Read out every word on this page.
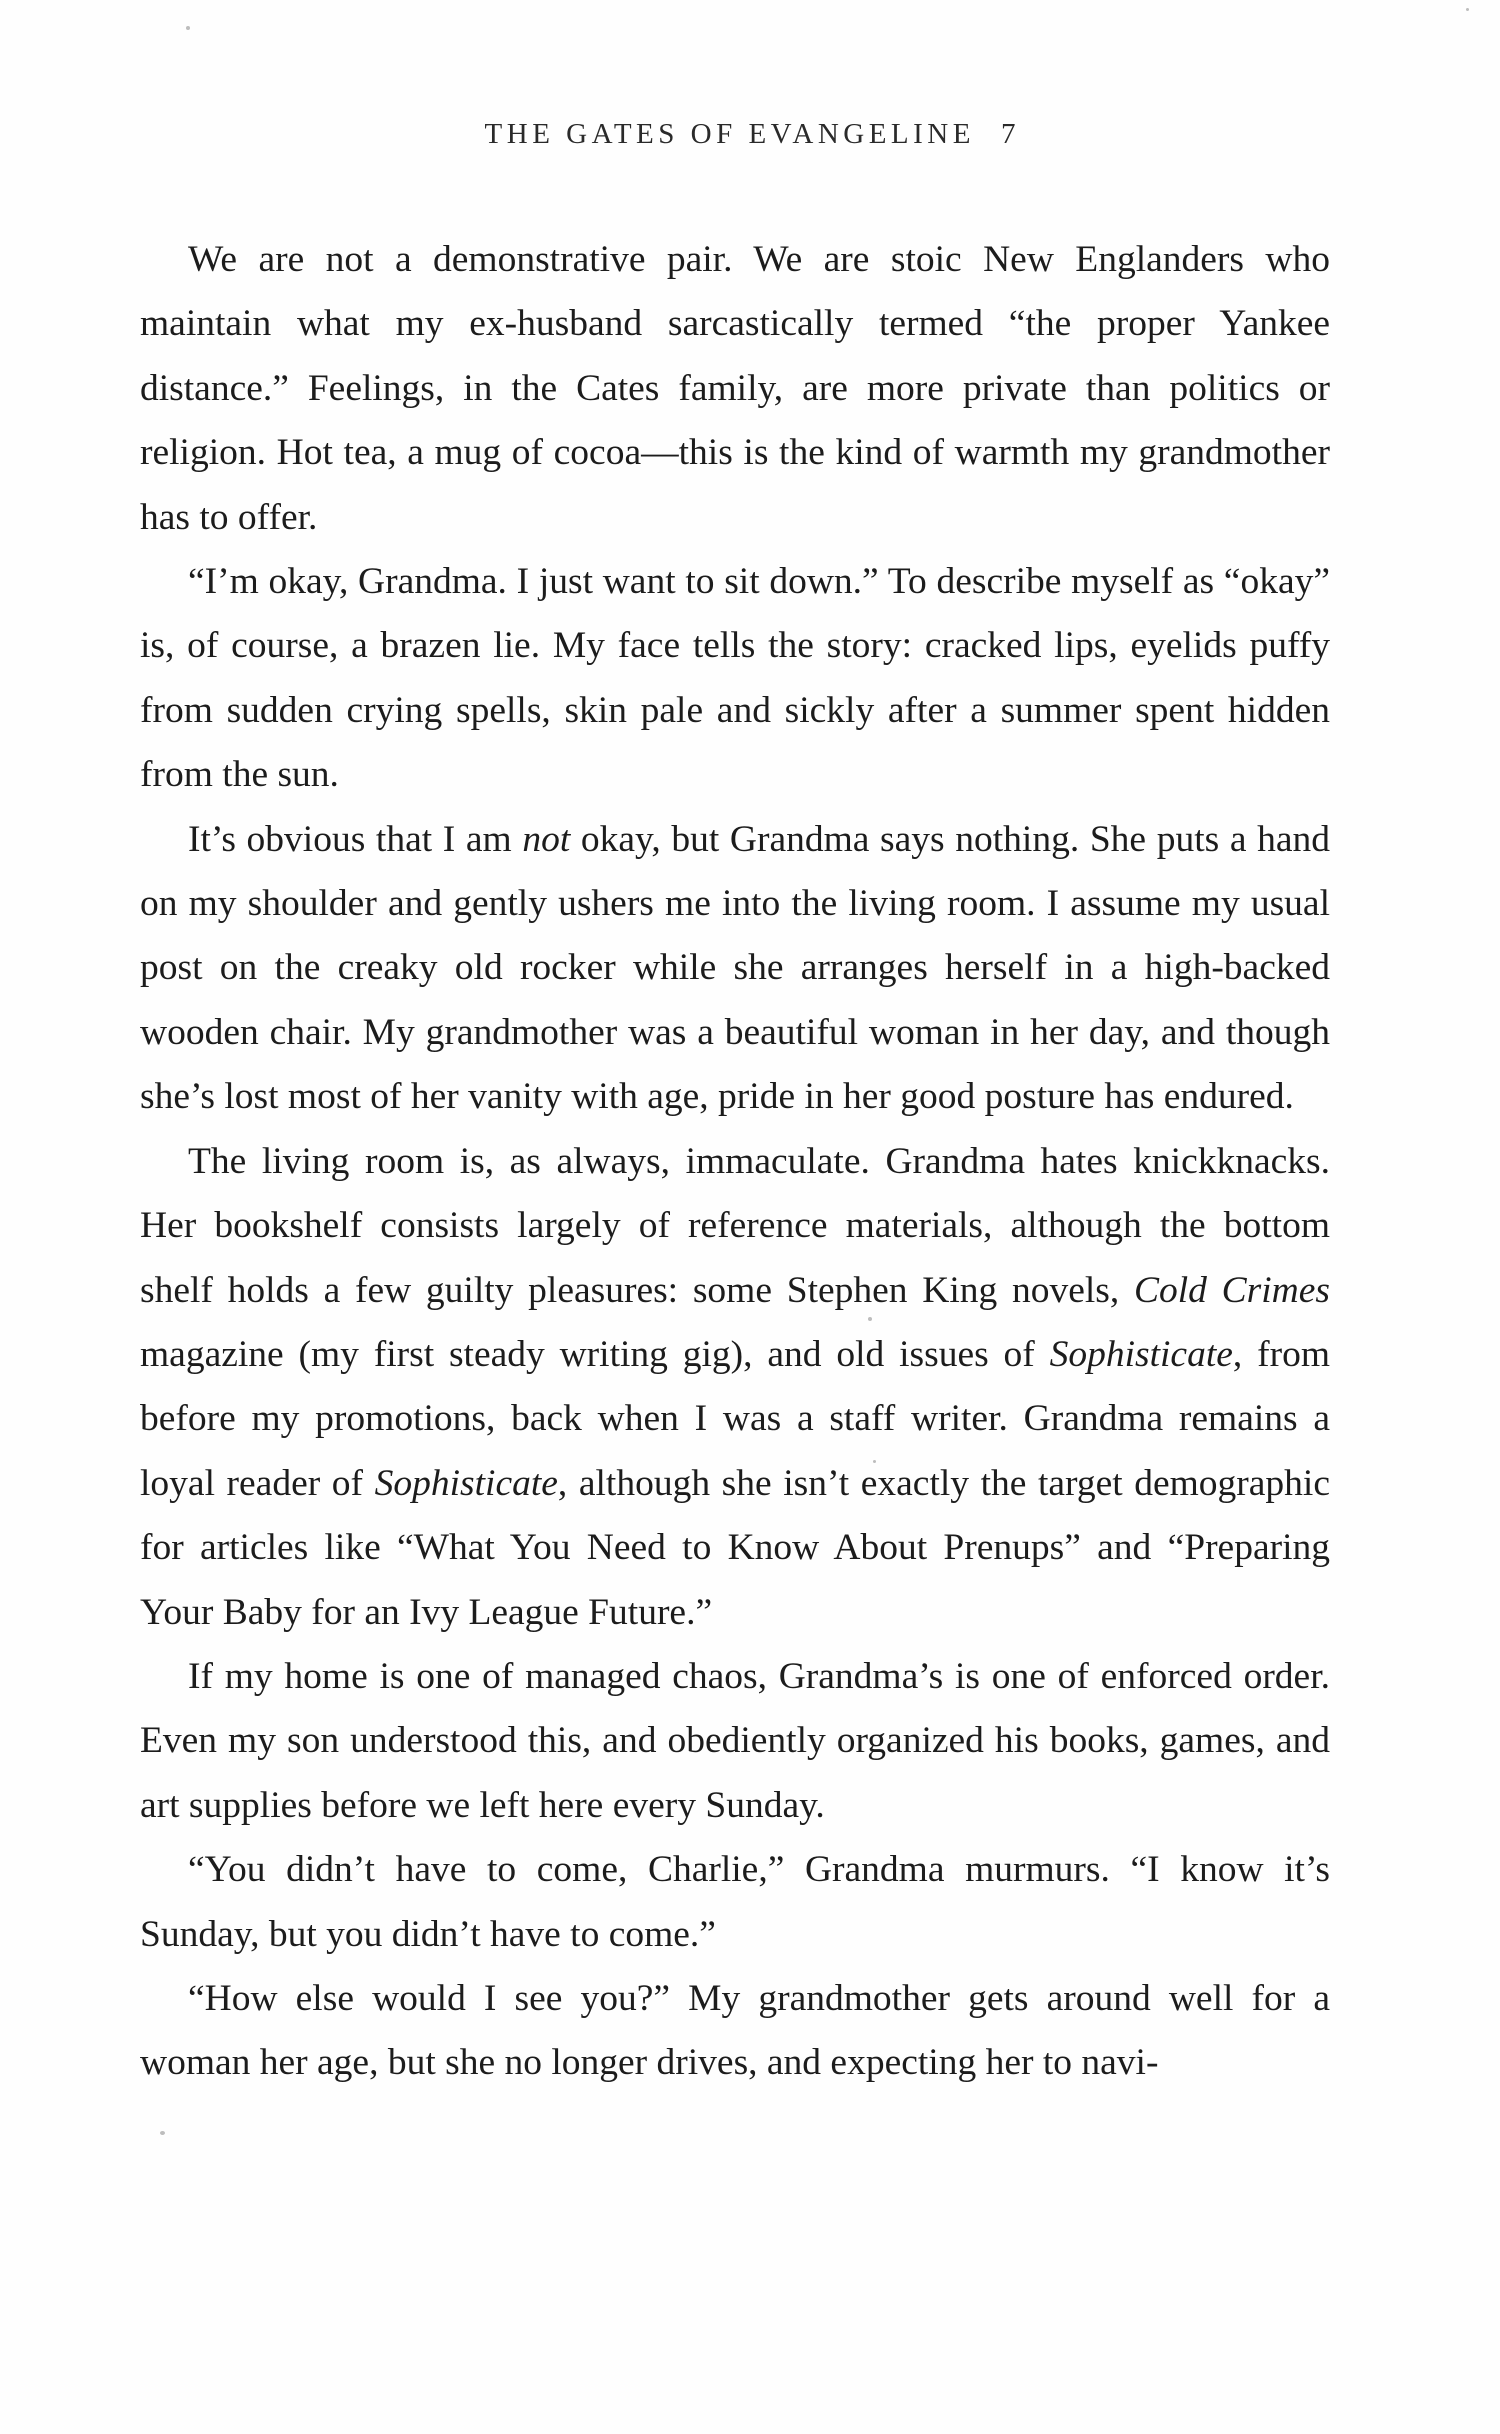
THE GATES OF EVANGELINE 7

We are not a demonstrative pair. We are stoic New Englanders who maintain what my ex-husband sarcastically termed “the proper Yankee distance.” Feelings, in the Cates family, are more private than politics or religion. Hot tea, a mug of cocoa—this is the kind of warmth my grandmother has to offer.

“I’m okay, Grandma. I just want to sit down.” To describe myself as “okay” is, of course, a brazen lie. My face tells the story: cracked lips, eyelids puffy from sudden crying spells, skin pale and sickly after a summer spent hidden from the sun.

It’s obvious that I am not okay, but Grandma says nothing. She puts a hand on my shoulder and gently ushers me into the living room. I assume my usual post on the creaky old rocker while she arranges herself in a high-backed wooden chair. My grandmother was a beautiful woman in her day, and though she’s lost most of her vanity with age, pride in her good posture has endured.

The living room is, as always, immaculate. Grandma hates knickknacks. Her bookshelf consists largely of reference materials, although the bottom shelf holds a few guilty pleasures: some Stephen King novels, Cold Crimes magazine (my first steady writing gig), and old issues of Sophisticate, from before my promotions, back when I was a staff writer. Grandma remains a loyal reader of Sophisticate, although she isn’t exactly the target demographic for articles like “What You Need to Know About Prenups” and “Preparing Your Baby for an Ivy League Future.”

If my home is one of managed chaos, Grandma’s is one of enforced order. Even my son understood this, and obediently organized his books, games, and art supplies before we left here every Sunday.

“You didn’t have to come, Charlie,” Grandma murmurs. “I know it’s Sunday, but you didn’t have to come.”

“How else would I see you?” My grandmother gets around well for a woman her age, but she no longer drives, and expecting her to navi-
